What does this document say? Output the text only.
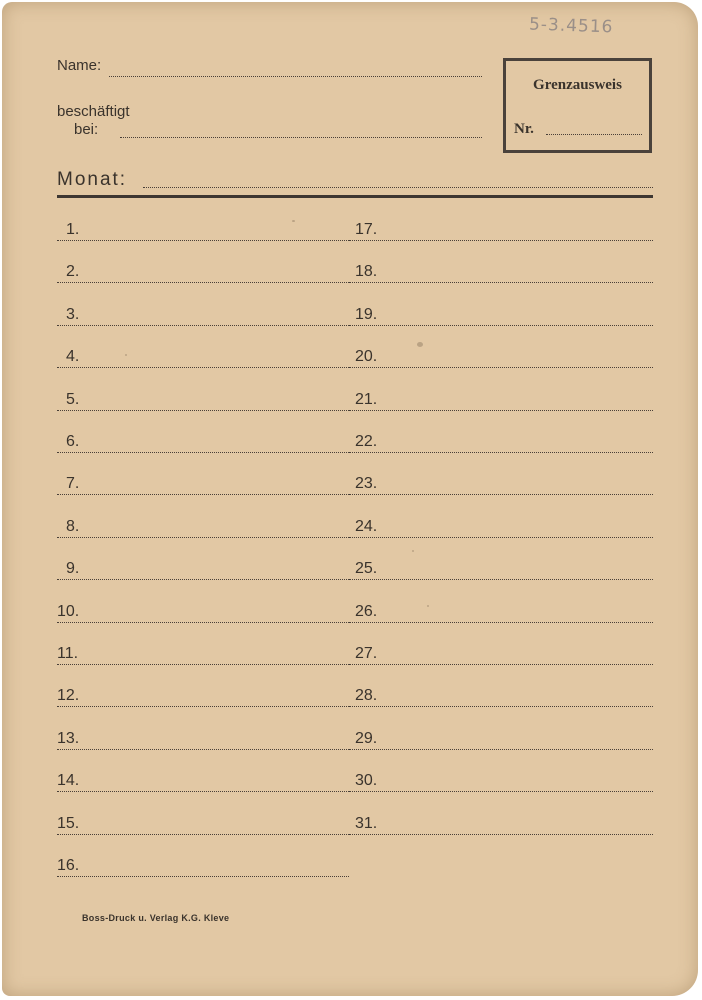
5-3.4516
Name:
beschäftigt
bei:
Grenzausweis
Nr.
Monat:
1.
2.
3.
4.
5.
6.
7.
8.
9.
10.
11.
12.
13.
14.
15.
16.
17.
18.
19.
20.
21.
22.
23.
24.
25.
26.
27.
28.
29.
30.
31.
Boss-Druck u. Verlag K.G. Kleve
